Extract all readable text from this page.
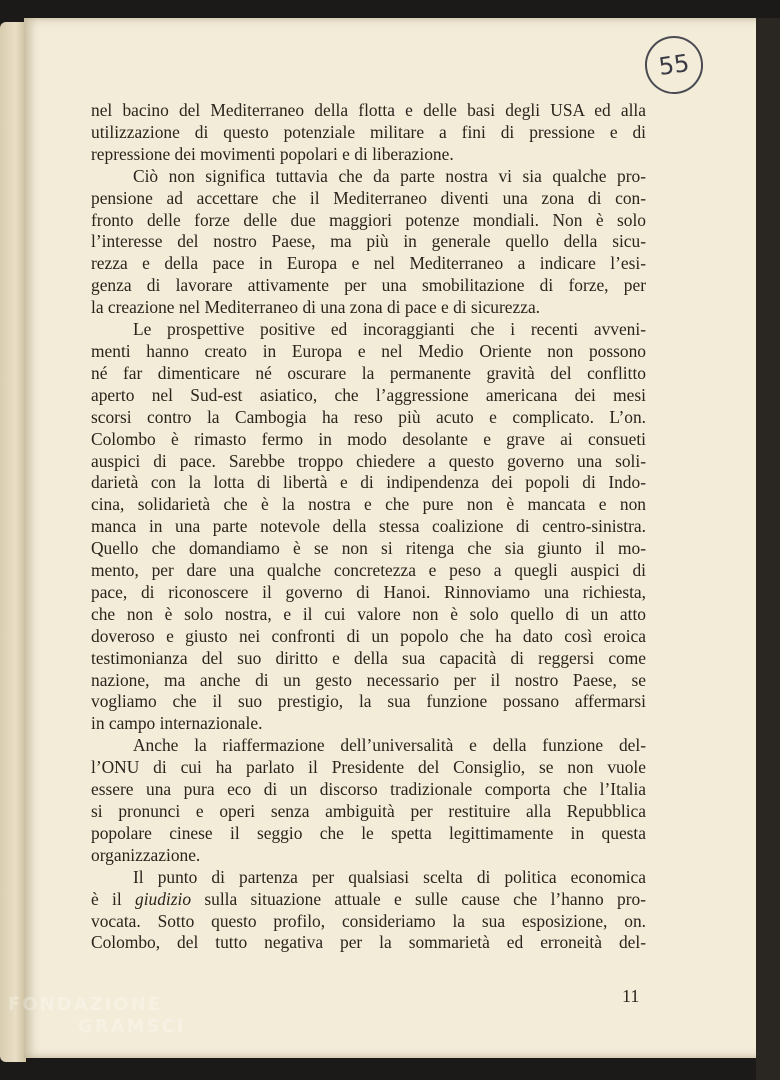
55
nel bacino del Mediterraneo della flotta e delle basi degli USA ed alla
utilizzazione di questo potenziale militare a fini di pressione e di
repressione dei movimenti popolari e di liberazione.
Ciò non significa tuttavia che da parte nostra vi sia qualche pro-
pensione ad accettare che il Mediterraneo diventi una zona di con-
fronto delle forze delle due maggiori potenze mondiali. Non è solo
l’interesse del nostro Paese, ma più in generale quello della sicu-
rezza e della pace in Europa e nel Mediterraneo a indicare l’esi-
genza di lavorare attivamente per una smobilitazione di forze, per
la creazione nel Mediterraneo di una zona di pace e di sicurezza.
Le prospettive positive ed incoraggianti che i recenti avveni-
menti hanno creato in Europa e nel Medio Oriente non possono
né far dimenticare né oscurare la permanente gravità del conflitto
aperto nel Sud-est asiatico, che l’aggressione americana dei mesi
scorsi contro la Cambogia ha reso più acuto e complicato. L’on.
Colombo è rimasto fermo in modo desolante e grave ai consueti
auspici di pace. Sarebbe troppo chiedere a questo governo una soli-
darietà con la lotta di libertà e di indipendenza dei popoli di Indo-
cina, solidarietà che è la nostra e che pure non è mancata e non
manca in una parte notevole della stessa coalizione di centro-sinistra.
Quello che domandiamo è se non si ritenga che sia giunto il mo-
mento, per dare una qualche concretezza e peso a quegli auspici di
pace, di riconoscere il governo di Hanoi. Rinnoviamo una richiesta,
che non è solo nostra, e il cui valore non è solo quello di un atto
doveroso e giusto nei confronti di un popolo che ha dato così eroica
testimonianza del suo diritto e della sua capacità di reggersi come
nazione, ma anche di un gesto necessario per il nostro Paese, se
vogliamo che il suo prestigio, la sua funzione possano affermarsi
in campo internazionale.
Anche la riaffermazione dell’universalità e della funzione del-
l’ONU di cui ha parlato il Presidente del Consiglio, se non vuole
essere una pura eco di un discorso tradizionale comporta che l’Italia
si pronunci e operi senza ambiguità per restituire alla Repubblica
popolare cinese il seggio che le spetta legittimamente in questa
organizzazione.
Il punto di partenza per qualsiasi scelta di politica economica
è il giudizio sulla situazione attuale e sulle cause che l’hanno pro-
vocata. Sotto questo profilo, consideriamo la sua esposizione, on.
Colombo, del tutto negativa per la sommarietà ed erroneità del-
11
FONDAZIONE
GRAMSCI
